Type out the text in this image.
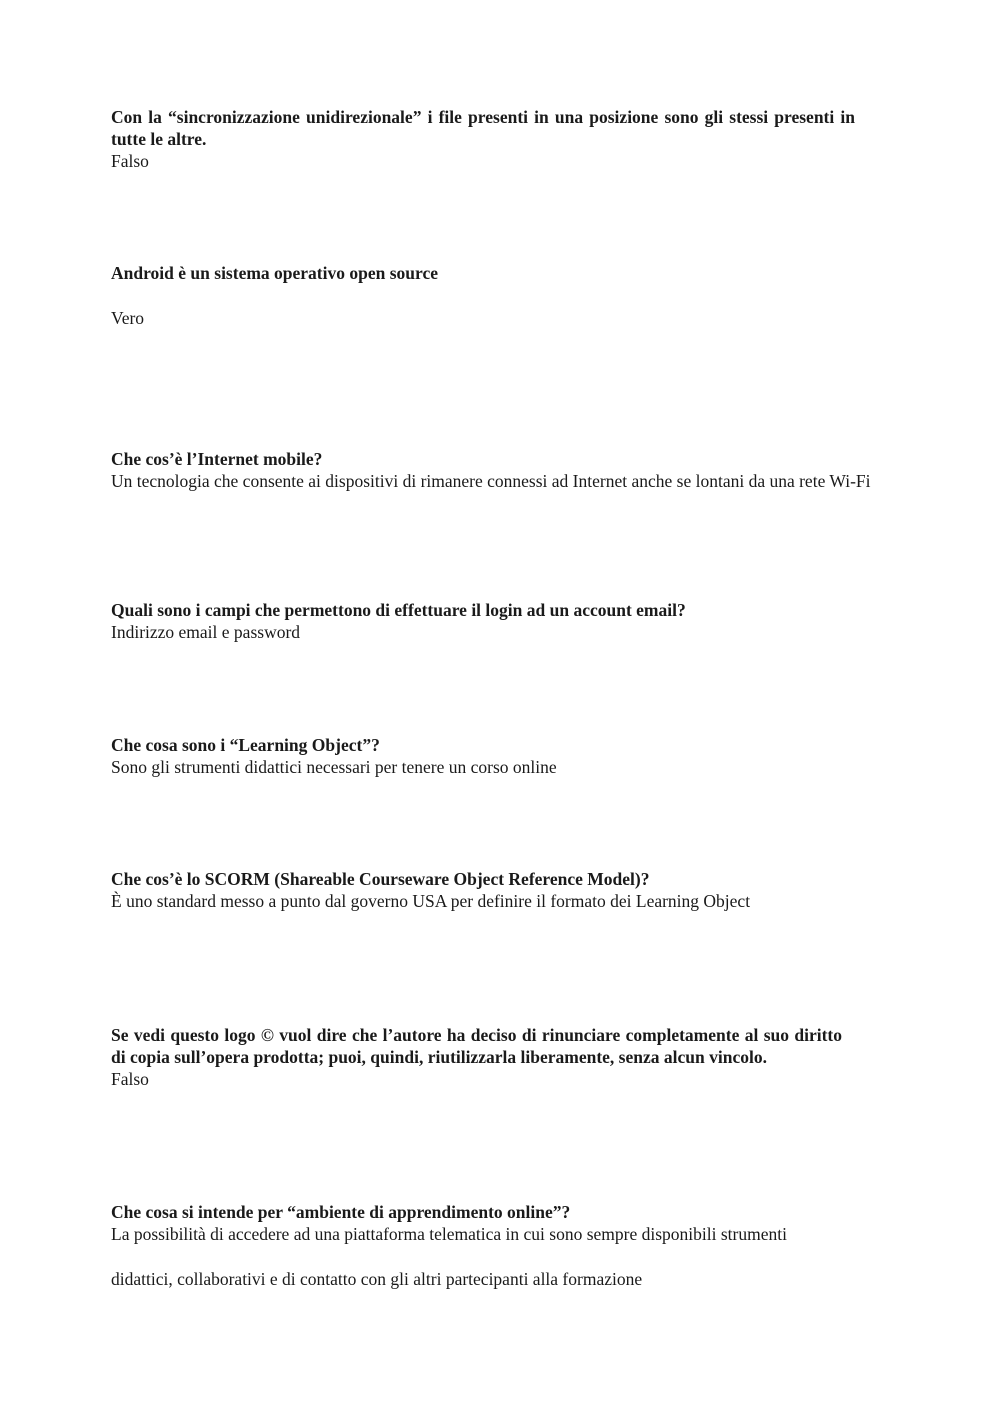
Con la “sincronizzazione unidirezionale” i file presenti in una posizione sono gli stessi presenti in tutte le altre.

Falso

Android è un sistema operativo open source

Vero

Che cos’è l’Internet mobile?

Un tecnologia che consente ai dispositivi di rimanere connessi ad Internet anche se lontani da una rete Wi-Fi

Quali sono i campi che permettono di effettuare il login ad un account email?

Indirizzo email e password

Che cosa sono i “Learning Object”?

Sono gli strumenti didattici necessari per tenere un corso online

Che cos’è lo SCORM (Shareable Courseware Object Reference Model)?

È uno standard messo a punto dal governo USA per definire il formato dei Learning Object

Se vedi questo logo © vuol dire che l’autore ha deciso di rinunciare completamente al suo diritto di copia sull’opera prodotta; puoi, quindi, riutilizzarla liberamente, senza alcun vincolo.

Falso

Che cosa si intende per “ambiente di apprendimento online”?

La possibilità di accedere ad una piattaforma telematica in cui sono sempre disponibili strumenti

didattici, collaborativi e di contatto con gli altri partecipanti alla formazione
